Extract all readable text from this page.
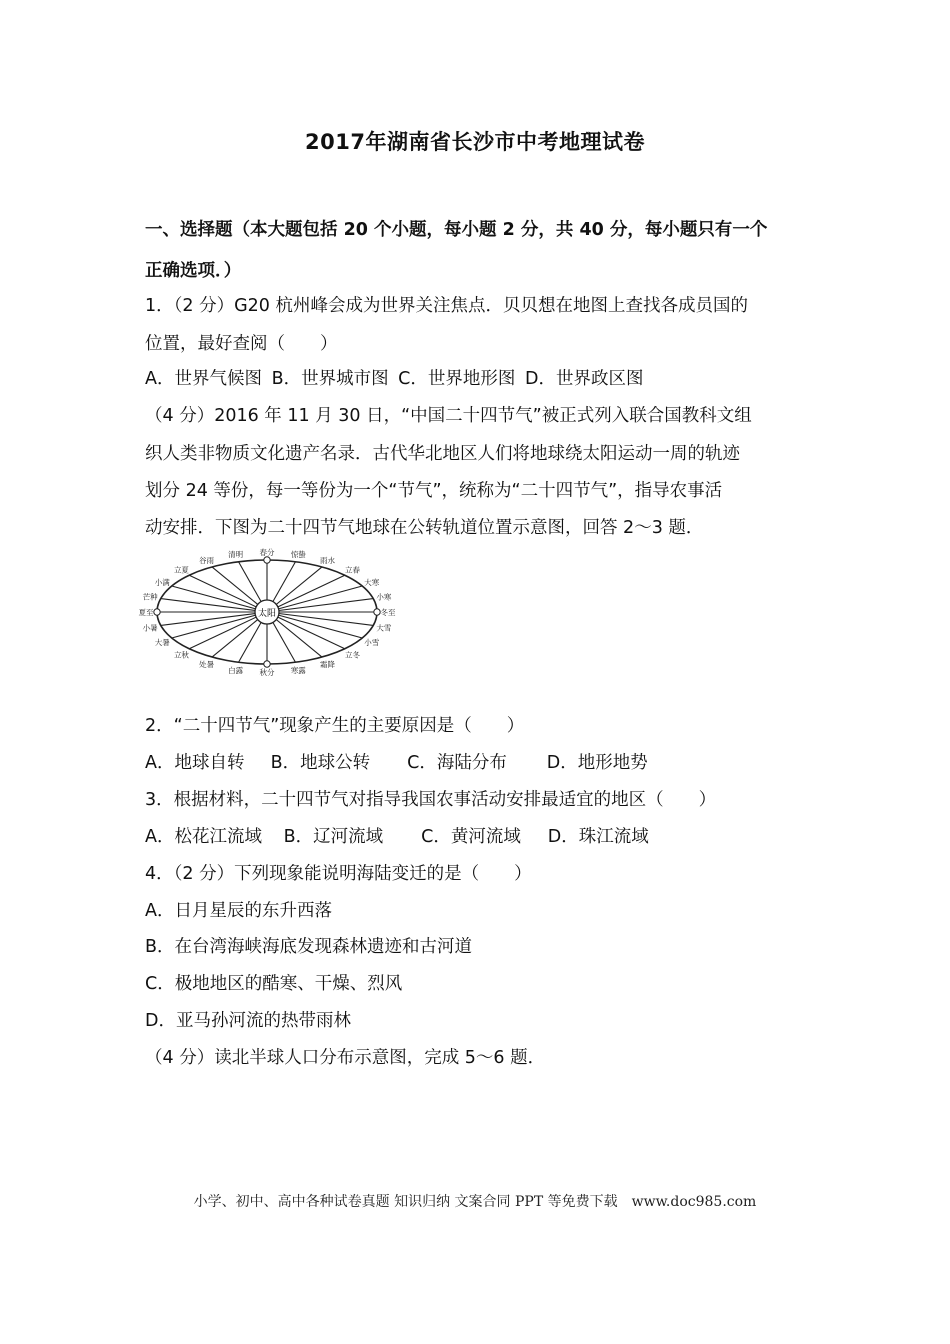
2017年湖南省长沙市中考地理试卷
一、选择题（本大题包括 20 个小题，每小题 2 分，共 40 分，每小题只有一个
正确选项．）
1．（2 分）G20 杭州峰会成为世界关注焦点．贝贝想在地图上查找各成员国的
位置，最好查阅（　　）
A．世界气候图 B．世界城市图 C．世界地形图 D．世界政区图
（4 分）2016 年 11 月 30 日，“中国二十四节气”被正式列入联合国教科文组
织人类非物质文化遗产名录．古代华北地区人们将地球绕太阳运动一周的轨迹
划分 24 等份，每一等份为一个“节气”，统称为“二十四节气”，指导农事活
动安排．下图为二十四节气地球在公转轨道位置示意图，回答 2～3 题．
太阳
春分
清明
谷雨
立夏
小满
芒种
夏至
小暑
大暑
立秋
处暑
白露 秋分 寒露
霜降
立冬
小雪
大雪
冬至
小寒
大寒
立春
雨水
惊蛰
2．“二十四节气”现象产生的主要原因是（　　）
A．地球自转 B．地球公转 C．海陆分布 D．地形地势
3．根据材料，二十四节气对指导我国农事活动安排最适宜的地区（　　）
A．松花江流域 B．辽河流域 C．黄河流域 D．珠江流域
4．（2 分）下列现象能说明海陆变迁的是（　　）
A．日月星辰的东升西落
B．在台湾海峡海底发现森林遗迹和古河道
C．极地地区的酷寒、干燥、烈风
D．亚马孙河流的热带雨林
（4 分）读北半球人口分布示意图，完成 5～6 题．
小学、初中、高中各种试卷真题 知识归纳 文案合同 PPT 等免费下载　www.doc985.com
